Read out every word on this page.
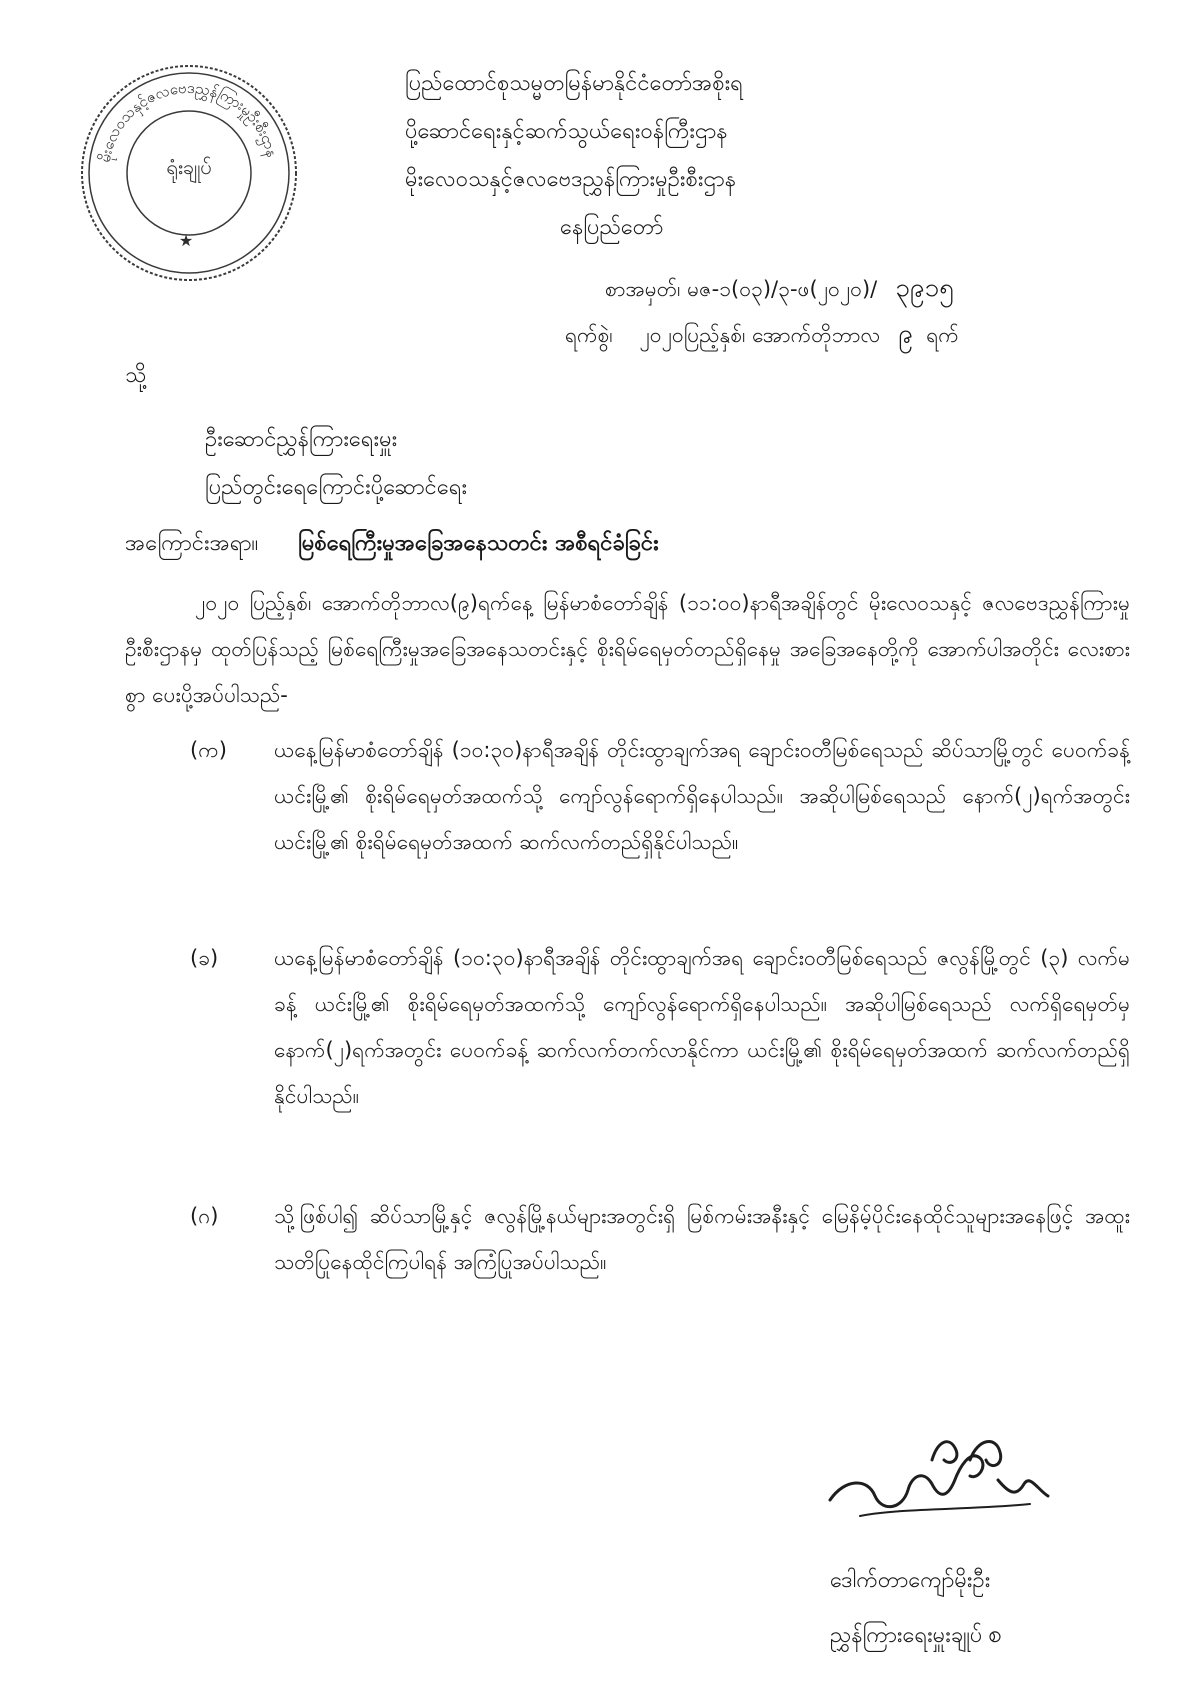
မိုးလေဝသနှင့်ဇလဗေဒညွှန်ကြားမှုဦးစီးဌာန
ရုံးချုပ်
★
ပြည်ထောင်စုသမ္မတမြန်မာနိုင်ငံတော်အစိုးရ
ပို့ဆောင်ရေးနှင့်ဆက်သွယ်ရေးဝန်ကြီးဌာန
မိုးလေဝသနှင့်ဇလဗေဒညွှန်ကြားမှုဦးစီးဌာန
နေပြည်တော်
စာအမှတ်၊ မဇ-၁(၀၃)/၃-ဖ(၂၀၂၀)/ ၃၉၁၅
ရက်စွဲ၊ ၂၀၂၀ပြည့်နှစ်၊ အောက်တိုဘာလ ၉ ရက်
သို့
ဦးဆောင်ညွှန်ကြားရေးမှူး
ပြည်တွင်းရေကြောင်းပို့ဆောင်ရေး
အကြောင်းအရာ။ မြစ်ရေကြီးမှုအခြေအနေသတင်း အစီရင်ခံခြင်း

၂၀၂၀ ပြည့်နှစ်၊ အောက်တိုဘာလ(၉)ရက်နေ့ မြန်မာစံတော်ချိန် (၁၁:၀၀)နာရီအချိန်တွင် မိုးလေဝသနှင့် ဇလဗေဒညွှန်ကြားမှုဦးစီးဌာနမှ ထုတ်ပြန်သည့် မြစ်ရေကြီးမှုအခြေအနေသတင်းနှင့် စိုးရိမ်ရေမှတ်တည်ရှိနေမှု အခြေအနေတို့ကို အောက်ပါအတိုင်း လေးစားစွာ ပေးပို့အပ်ပါသည်-

(က) ယနေ့မြန်မာစံတော်ချိန် (၁၀:၃၀)နာရီအချိန် တိုင်းထွာချက်အရ ချောင်းဝတီမြစ်ရေသည် ဆိပ်သာမြို့တွင် ပေဝက်ခန့် ယင်းမြို့၏ စိုးရိမ်ရေမှတ်အထက်သို့ ကျော်လွန်ရောက်ရှိနေပါသည်။ အဆိုပါမြစ်ရေသည် နောက်(၂)ရက်အတွင်း ယင်းမြို့၏ စိုးရိမ်ရေမှတ်အထက် ဆက်လက်တည်ရှိနိုင်ပါသည်။
(ခ)	ယနေ့မြန်မာစံတော်ချိန် (၁၀:၃၀)နာရီအချိန် တိုင်းထွာချက်အရ ချောင်းဝတီမြစ်ရေသည် ဇလွန်မြို့တွင် (၃) လက်မခန့် ယင်းမြို့၏ စိုးရိမ်ရေမှတ်အထက်သို့ ကျော်လွန်ရောက်ရှိနေပါသည်။ အဆိုပါမြစ်ရေသည် လက်ရှိရေမှတ်မှ နောက်(၂)ရက်အတွင်း ပေဝက်ခန့် ဆက်လက်တက်လာနိုင်ကာ ယင်းမြို့၏ စိုးရိမ်ရေမှတ်အထက် ဆက်လက်တည်ရှိနိုင်ပါသည်။
(ဂ)	သို့ဖြစ်ပါ၍ ဆိပ်သာမြို့နှင့် ဇလွန်မြို့နယ်များအတွင်းရှိ မြစ်ကမ်းအနီးနှင့် မြေနိမ့်ပိုင်းနေထိုင်သူများအနေဖြင့် အထူးသတိပြုနေထိုင်ကြပါရန် အကြံပြုအပ်ပါသည်။
ဒေါက်တာကျော်မိုးဦး
ညွှန်ကြားရေးမှူးချုပ် စ
